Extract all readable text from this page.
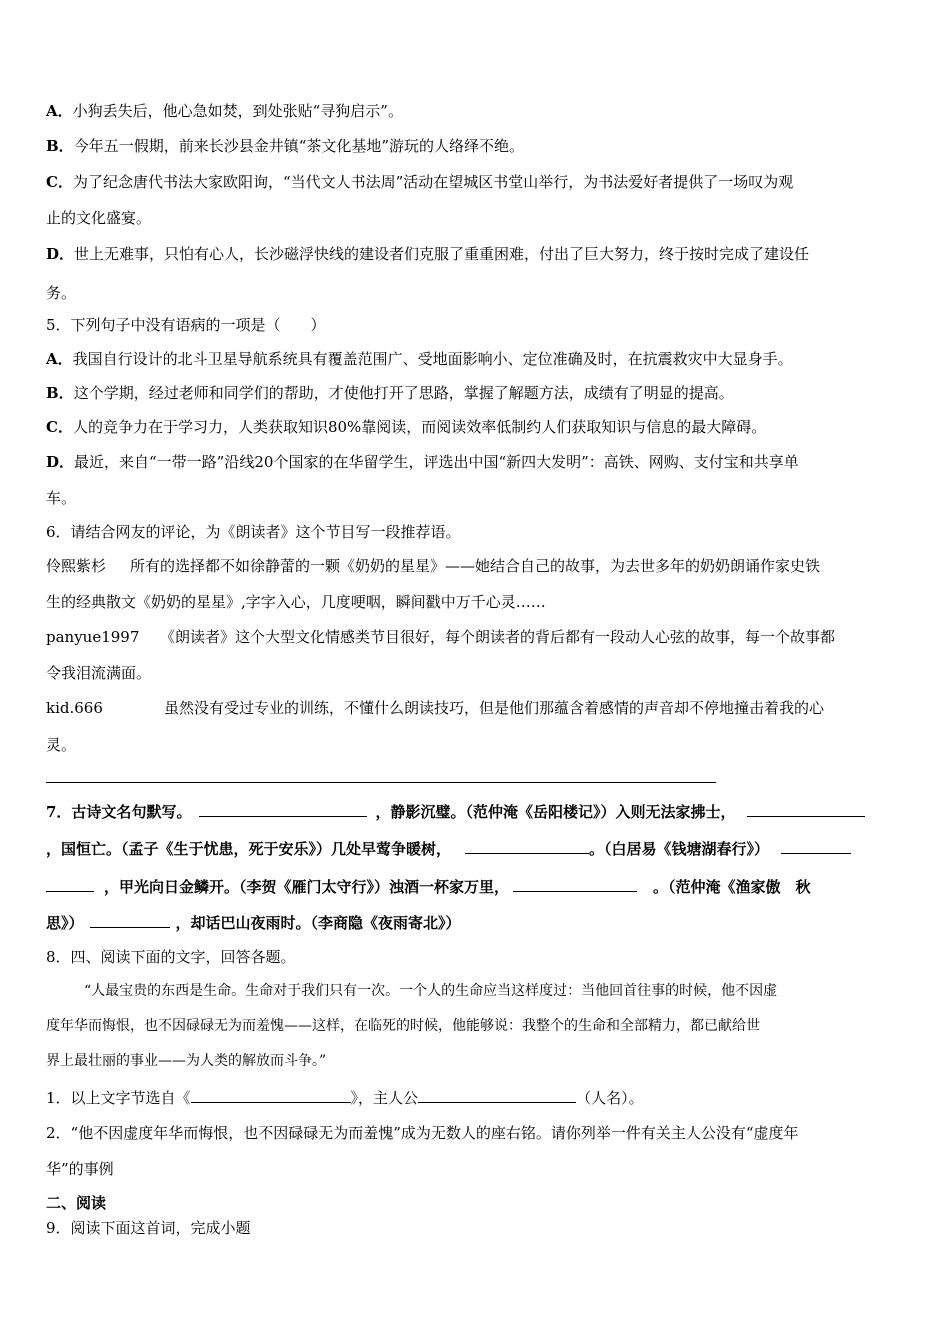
A．小狗丢失后，他心急如焚，到处张贴“寻狗启示”。
B．今年五一假期，前来长沙县金井镇“茶文化基地”游玩的人络绎不绝。
C．为了纪念唐代书法大家欧阳询，“当代文人书法周”活动在望城区书堂山举行，为书法爱好者提供了一场叹为观
止的文化盛宴。
D．世上无难事，只怕有心人，长沙磁浮快线的建设者们克服了重重困难，付出了巨大努力，终于按时完成了建设任
务。
5．下列句子中没有语病的一项是（　　）
A．我国自行设计的北斗卫星导航系统具有覆盖范围广、受地面影响小、定位准确及时，在抗震救灾中大显身手。
B．这个学期，经过老师和同学们的帮助，才使他打开了思路，掌握了解题方法，成绩有了明显的提高。
C．人的竞争力在于学习力，人类获取知识80%靠阅读，而阅读效率低制约人们获取知识与信息的最大障碍。
D．最近，来自“一带一路”沿线20个国家的在华留学生，评选出中国“新四大发明”：高铁、网购、支付宝和共享单
车。
6．请结合网友的评论，为《朗读者》这个节目写一段推荐语。
伶熙紫杉 所有的选择都不如徐静蕾的一颗《奶奶的星星》——她结合自己的故事，为去世多年的奶奶朗诵作家史铁
生的经典散文《奶奶的星星》,字字入心，几度哽咽，瞬间戳中万千心灵……
panyue1997 《朗读者》这个大型文化情感类节目很好，每个朗读者的背后都有一段动人心弦的故事，每一个故事都
令我泪流满面。
kid.666	虽然没有受过专业的训练，不懂什么朗读技巧，但是他们那蕴含着感情的声音却不停地撞击着我的心
灵。
7．古诗文名句默写。	，静影沉璧。（范仲淹《岳阳楼记》）入则无法家拂士，
，国恒亡。（孟子《生于忧患，死于安乐》）几处早莺争暖树，	。（白居易《钱塘湖春行》）
，甲光向日金鳞开。（李贺《雁门太守行》）浊酒一杯家万里，	。（范仲淹《渔家傲　秋
思》）	，却话巴山夜雨时。（李商隐《夜雨寄北》）
8．四、阅读下面的文字，回答各题。
“人最宝贵的东西是生命。生命对于我们只有一次。一个人的生命应当这样度过：当他回首往事的时候，他不因虚
度年华而悔恨，也不因碌碌无为而羞愧——这样，在临死的时候，他能够说：我整个的生命和全部精力，都已献给世
界上最壮丽的事业——为人类的解放而斗争。”
1．以上文字节选自《	》，主人公	（人名）。
2．“他不因虚度年华而悔恨，也不因碌碌无为而羞愧”成为无数人的座右铭。请你列举一件有关主人公没有“虚度年
华”的事例
二、阅读
9．阅读下面这首词，完成小题
